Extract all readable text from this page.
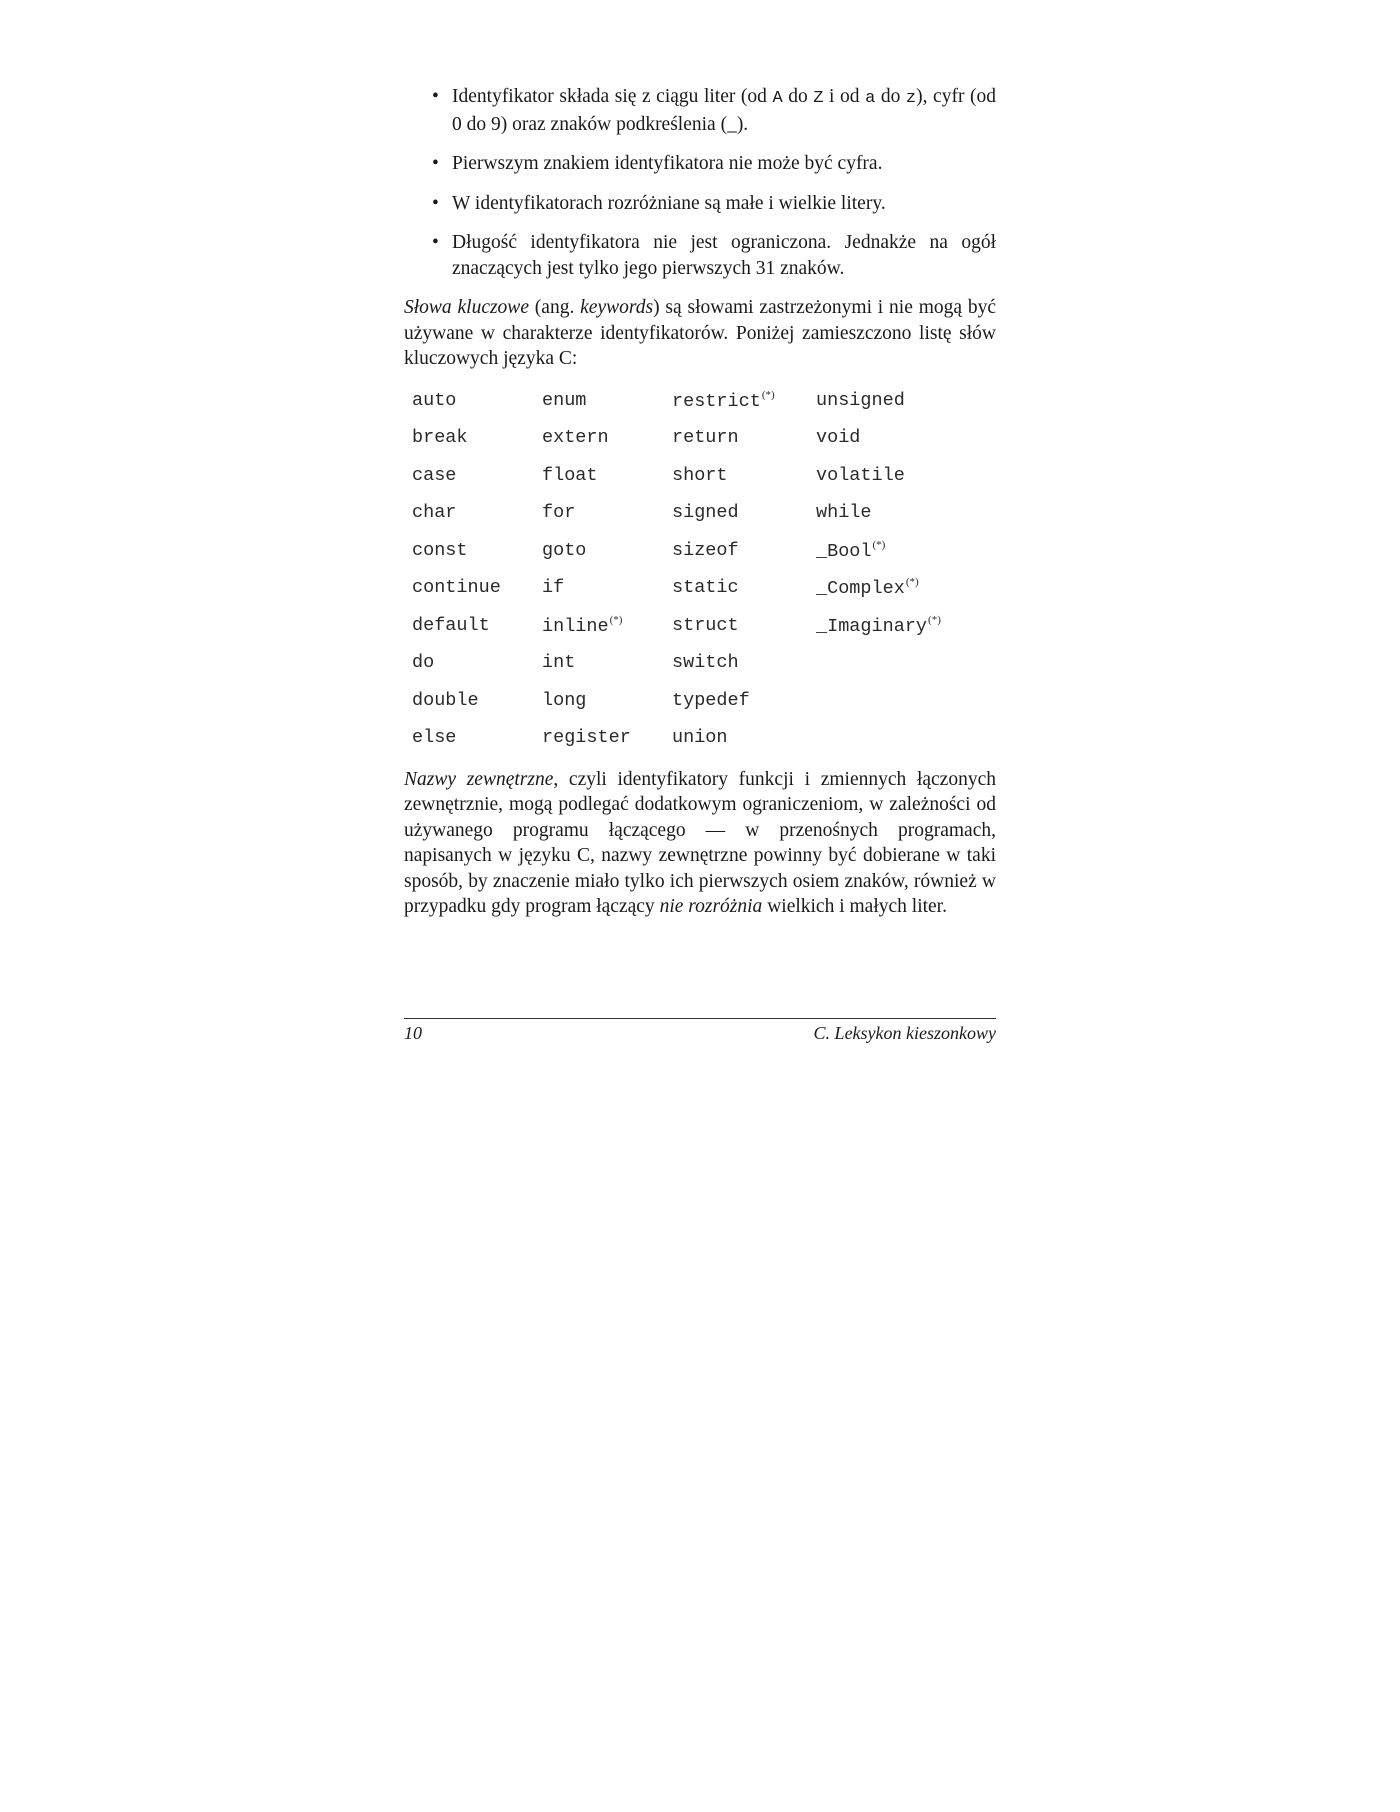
• Identyfikator składa się z ciągu liter (od A do Z i od a do z), cyfr (od 0 do 9) oraz znaków podkreślenia (_).
• Pierwszym znakiem identyfikatora nie może być cyfra.
• W identyfikatorach rozróżniane są małe i wielkie litery.
• Długość identyfikatora nie jest ograniczona. Jednakże na ogół znaczących jest tylko jego pierwszych 31 znaków.

Słowa kluczowe (ang. keywords) są słowami zastrzeżonymi i nie mogą być używane w charakterze identyfikatorów. Poniżej zamieszczono listę słów kluczowych języka C:

auto	enum	restrict(*)	unsigned
break	extern	return	void
case	float	short	volatile
char	for	signed	while
const	goto	sizeof	_Bool(*)
continue	if	static	_Complex(*)
default	inline(*)	struct	_Imaginary(*)
do	int	switch	
double	long	typedef	
else	register	union	

Nazwy zewnętrzne, czyli identyfikatory funkcji i zmiennych łączonych zewnętrznie, mogą podlegać dodatkowym ograniczeniom, w zależności od używanego programu łączącego — w przenośnych programach, napisanych w języku C, nazwy zewnętrzne powinny być dobierane w taki sposób, by znaczenie miało tylko ich pierwszych osiem znaków, również w przypadku gdy program łączący nie rozróżnia wielkich i małych liter.

10	C. Leksykon kieszonkowy
